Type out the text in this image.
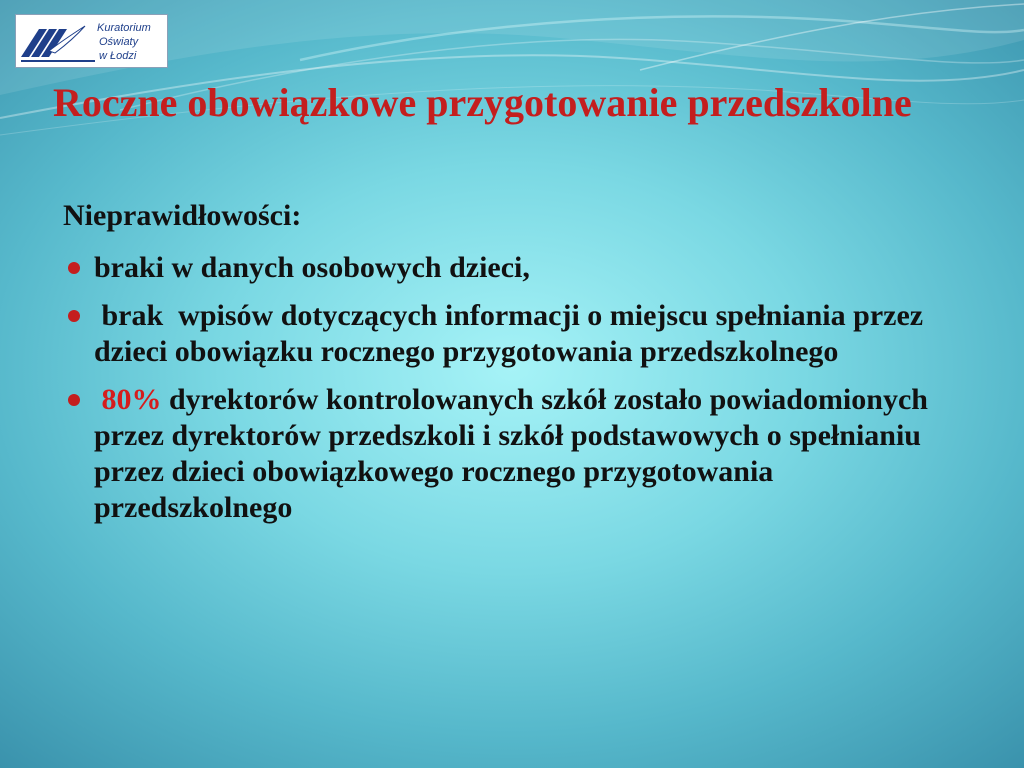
Kuratorium
Oświaty
w Łodzi
Roczne obowiązkowe przygotowanie przedszkolne

Nieprawidłowości:

braki w danych osobowych dzieci,
brak  wpisów dotyczących informacji o miejscu spełniania przez dzieci obowiązku rocznego przygotowania przedszkolnego
80% dyrektorów kontrolowanych szkół zostało powiadomionych przez dyrektorów przedszkoli i szkół podstawowych o spełnianiu przez dzieci obowiązkowego rocznego przygotowania przedszkolnego
